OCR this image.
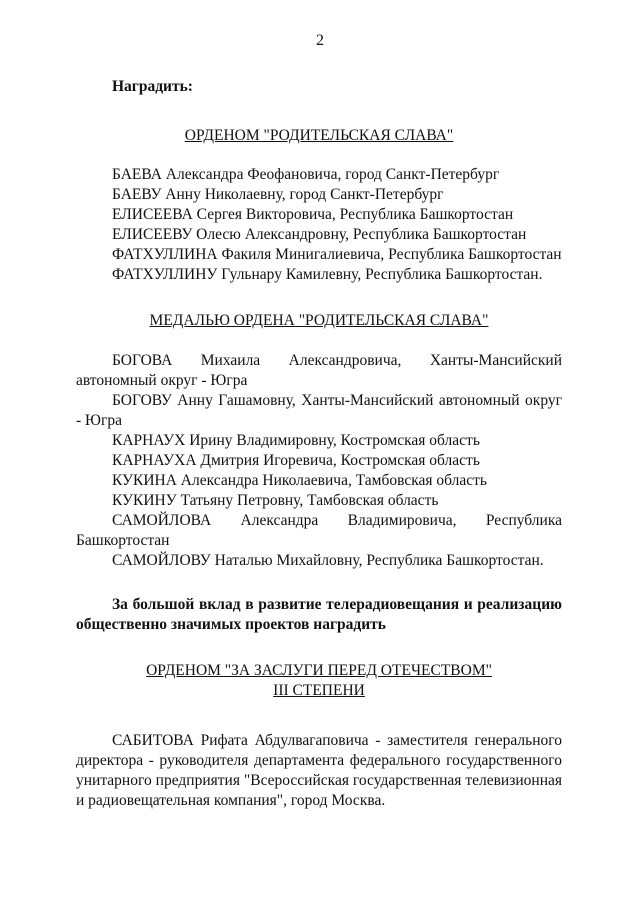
2

Наградить:

ОРДЕНОМ "РОДИТЕЛЬСКАЯ СЛАВА"

БАЕВА Александра Феофановича, город Санкт-Петербург

БАЕВУ Анну Николаевну, город Санкт-Петербург

ЕЛИСЕЕВА Сергея Викторовича, Республика Башкортостан

ЕЛИСЕЕВУ Олесю Александровну, Республика Башкортостан

ФАТХУЛЛИНА Факиля Минигалиевича, Республика Башкортостан

ФАТХУЛЛИНУ Гульнару Камилевну, Республика Башкортостан.

МЕДАЛЬЮ ОРДЕНА "РОДИТЕЛЬСКАЯ СЛАВА"

БОГОВА Михаила Александровича, Ханты-Мансийский автономный округ - Югра

БОГОВУ Анну Гашамовну, Ханты-Мансийский автономный округ - Югра

КАРНАУХ Ирину Владимировну, Костромская область

КАРНАУХА Дмитрия Игоревича, Костромская область

КУКИНА Александра Николаевича, Тамбовская область

КУКИНУ Татьяну Петровну, Тамбовская область

САМОЙЛОВА Александра Владимировича, Республика Башкортостан

САМОЙЛОВУ Наталью Михайловну, Республика Башкортостан.

За большой вклад в развитие телерадиовещания и реализацию общественно значимых проектов наградить

ОРДЕНОМ "ЗА ЗАСЛУГИ ПЕРЕД ОТЕЧЕСТВОМ"

III СТЕПЕНИ

САБИТОВА Рифата Абдулвагаповича - заместителя генерального директора - руководителя департамента федерального государственного унитарного предприятия "Всероссийская государственная телевизионная и радиовещательная компания", город Москва.
